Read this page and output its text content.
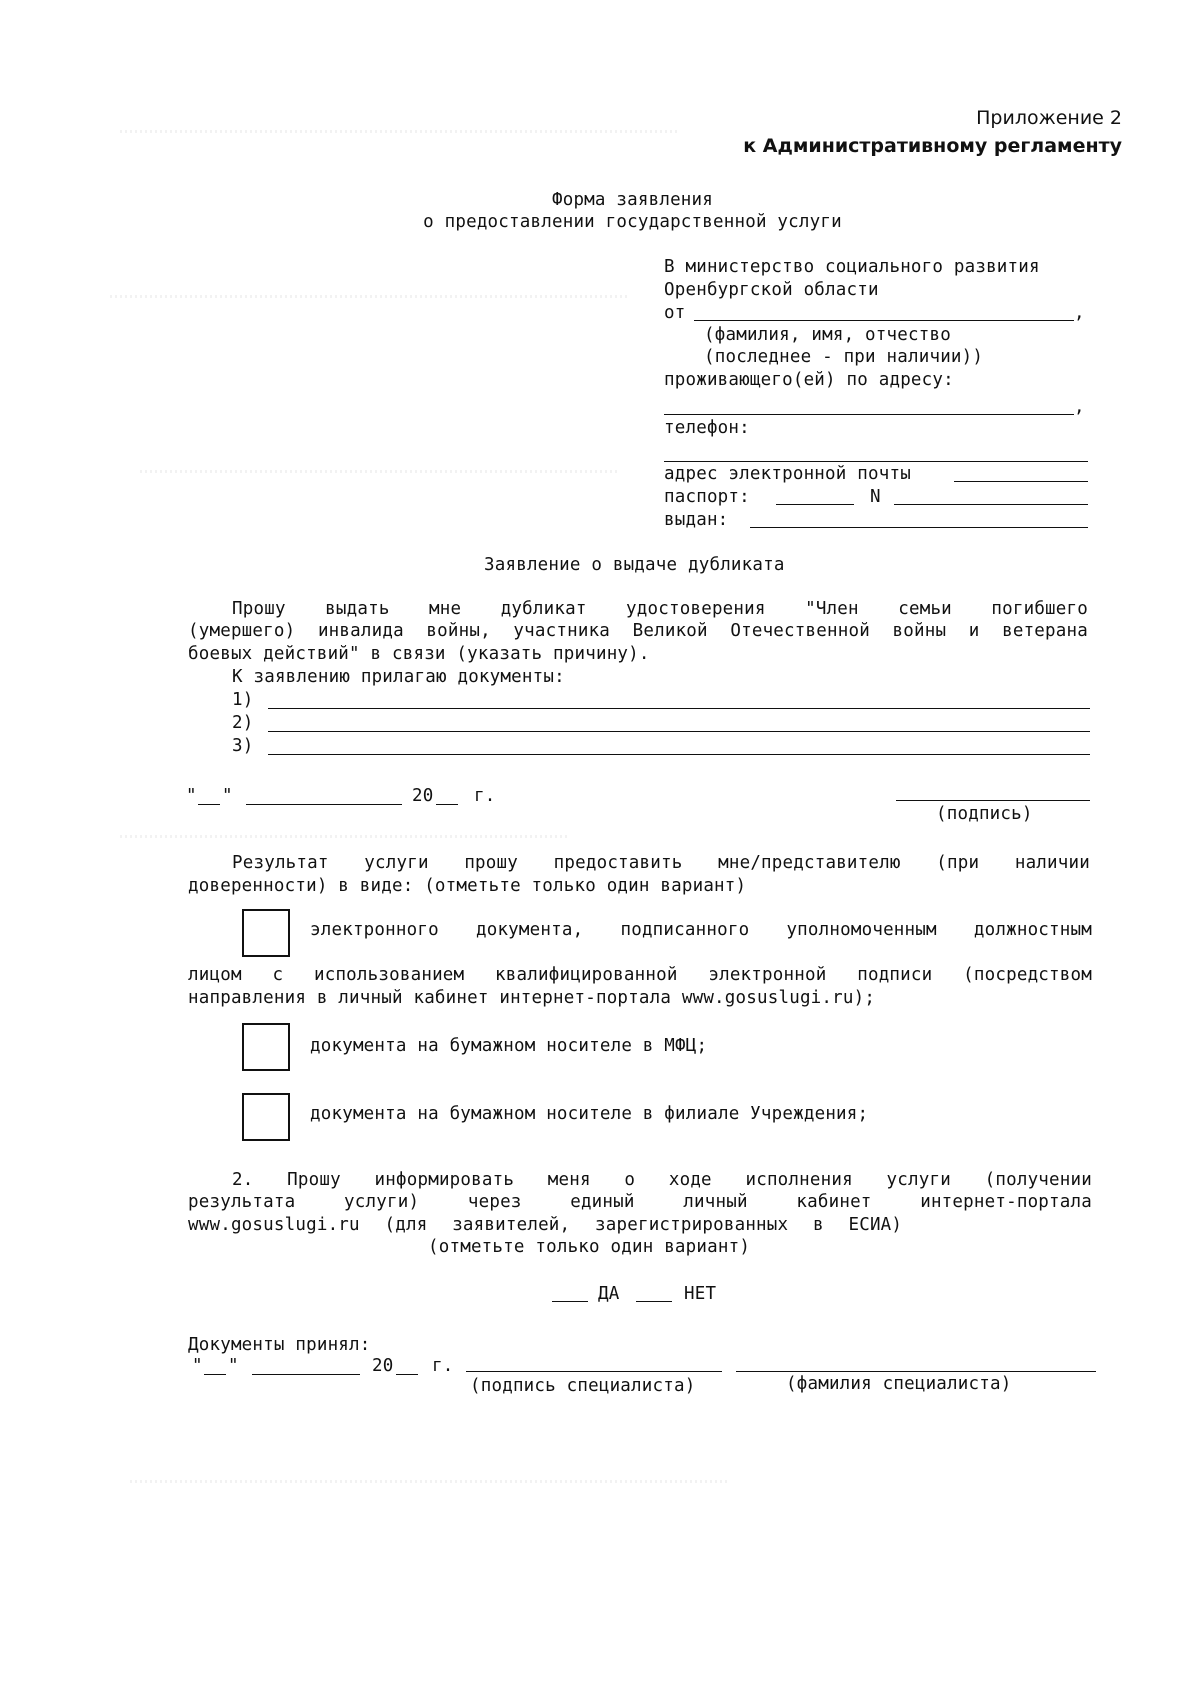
Приложение 2
к Административному регламенту
Форма заявления
о предоставлении государственной услуги
В министерство социального развития
Оренбургской области
от	,
(фамилия, имя, отчество
(последнее - при наличии))
проживающего(ей) по адресу:
,
телефон:
адрес электронной почты
паспорт:	N
выдан:
Заявление о выдаче дубликата
Прошу выдать мне дубликат удостоверения "Член семьи погибшего
(умершего) инвалида войны, участника Великой Отечественной войны и ветерана
боевых действий" в связи (указать причину).
К заявлению прилагаю документы:
1)
2)
3)
" "	20 г.
(подпись)
Результат услуги прошу предоставить мне/представителю (при наличии
доверенности) в виде: (отметьте только один вариант)
электронного документа, подписанного уполномоченным должностным
лицом с использованием квалифицированной электронной подписи (посредством
направления в личный кабинет интернет-портала www.gosuslugi.ru);
документа на бумажном носителе в МФЦ;
документа на бумажном носителе в филиале Учреждения;
2. Прошу информировать меня о ходе исполнения услуги (получении
результата услуги) через единый личный кабинет интернет-портала
www.gosuslugi.ru (для заявителей, зарегистрированных в ЕСИА)
(отметьте только один вариант)
ДА	НЕТ
Документы принял:
" "	20 г.
(подпись специалиста)	(фамилия специалиста)
